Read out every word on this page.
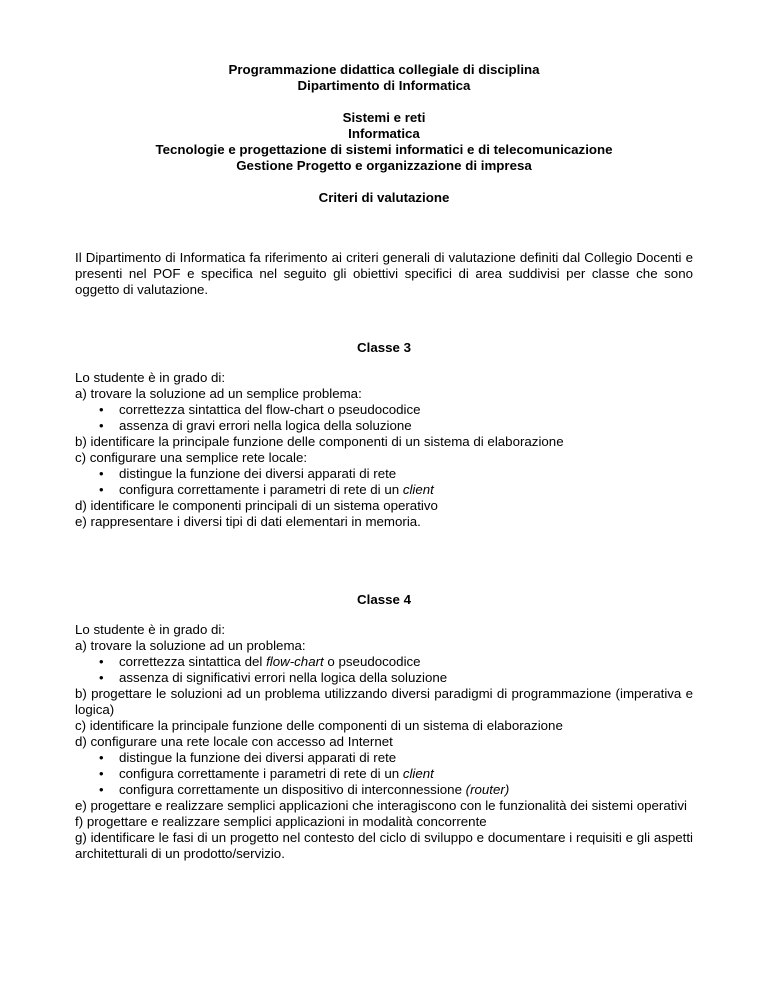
Programmazione didattica collegiale di disciplina
Dipartimento di Informatica
Sistemi e reti
Informatica
Tecnologie e progettazione di sistemi informatici e di telecomunicazione
Gestione Progetto e organizzazione di impresa
Criteri di valutazione

Il Dipartimento di Informatica fa riferimento ai criteri generali di valutazione definiti dal Collegio Docenti e presenti nel POF e specifica nel seguito gli obiettivi specifici di area suddivisi per classe che sono oggetto di valutazione.

Classe 3
Lo studente è in grado di:
a) trovare la soluzione ad un semplice problema:
• correttezza sintattica del flow-chart o pseudocodice
• assenza di gravi errori nella logica della soluzione
b) identificare la principale funzione delle componenti di un sistema di elaborazione
c) configurare una semplice rete locale:
• distingue la funzione dei diversi apparati di rete
• configura correttamente i parametri di rete di un client
d) identificare le componenti principali di un sistema operativo
e) rappresentare i diversi tipi di dati elementari in memoria.
Classe 4
Lo studente è in grado di:
a) trovare la soluzione ad un problema:
• correttezza sintattica del flow-chart o pseudocodice
• assenza di significativi errori nella logica della soluzione
b) progettare le soluzioni ad un problema utilizzando diversi paradigmi di programmazione (imperativa e logica)
c) identificare la principale funzione delle componenti di un sistema di elaborazione
d) configurare una rete locale con accesso ad Internet
• distingue la funzione dei diversi apparati di rete
• configura correttamente i parametri di rete di un client
• configura correttamente un dispositivo di interconnessione (router)
e) progettare e realizzare semplici applicazioni che interagiscono con le funzionalità dei sistemi operativi
f) progettare e realizzare semplici applicazioni in modalità concorrente
g) identificare le fasi di un progetto nel contesto del ciclo di sviluppo e documentare i requisiti e gli aspetti architetturali di un prodotto/servizio.
